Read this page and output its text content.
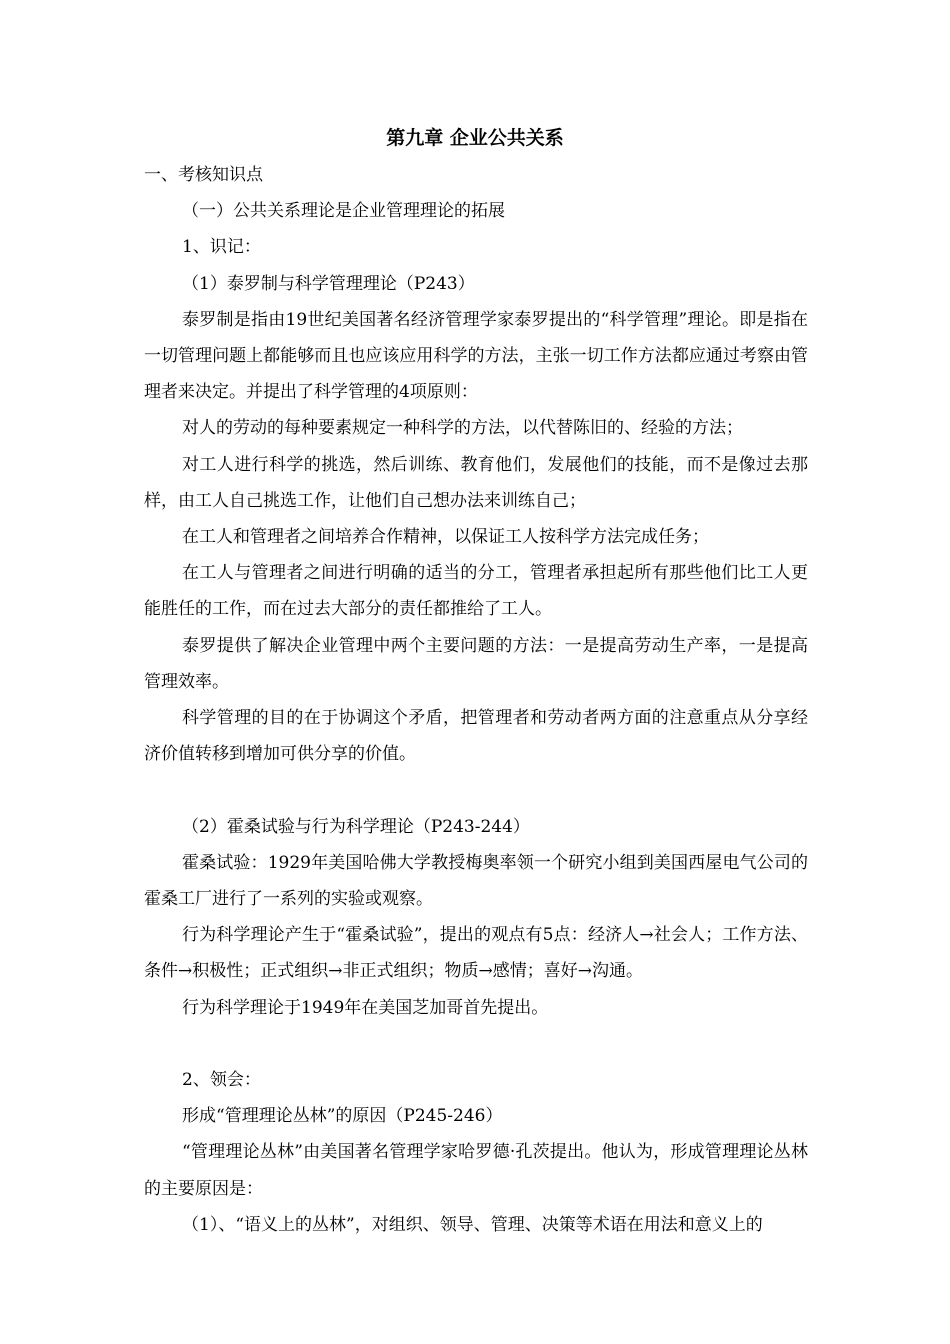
第九章 企业公共关系

一、考核知识点

（一）公共关系理论是企业管理理论的拓展

1、识记：

（1）泰罗制与科学管理理论（P243）

泰罗制是指由19世纪美国著名经济管理学家泰罗提出的“科学管理”理论。即是指在一切管理问题上都能够而且也应该应用科学的方法，主张一切工作方法都应通过考察由管理者来决定。并提出了科学管理的4项原则：

对人的劳动的每种要素规定一种科学的方法，以代替陈旧的、经验的方法；

对工人进行科学的挑选，然后训练、教育他们，发展他们的技能，而不是像过去那样，由工人自己挑选工作，让他们自己想办法来训练自己；

在工人和管理者之间培养合作精神，以保证工人按科学方法完成任务；

在工人与管理者之间进行明确的适当的分工，管理者承担起所有那些他们比工人更能胜任的工作，而在过去大部分的责任都推给了工人。

泰罗提供了解决企业管理中两个主要问题的方法：一是提高劳动生产率，一是提高管理效率。

科学管理的目的在于协调这个矛盾，把管理者和劳动者两方面的注意重点从分享经济价值转移到增加可供分享的价值。

（2）霍桑试验与行为科学理论（P243-244）

霍桑试验：1929年美国哈佛大学教授梅奥率领一个研究小组到美国西屋电气公司的霍桑工厂进行了一系列的实验或观察。

行为科学理论产生于“霍桑试验”，提出的观点有5点：经济人→社会人；工作方法、条件→积极性；正式组织→非正式组织；物质→感情；喜好→沟通。

行为科学理论于1949年在美国芝加哥首先提出。

2、领会：

形成“管理理论丛林”的原因（P245-246）

“管理理论丛林”由美国著名管理学家哈罗德·孔茨提出。他认为，形成管理理论丛林的主要原因是：

（1）、“语义上的丛林”，对组织、领导、管理、决策等术语在用法和意义上的
